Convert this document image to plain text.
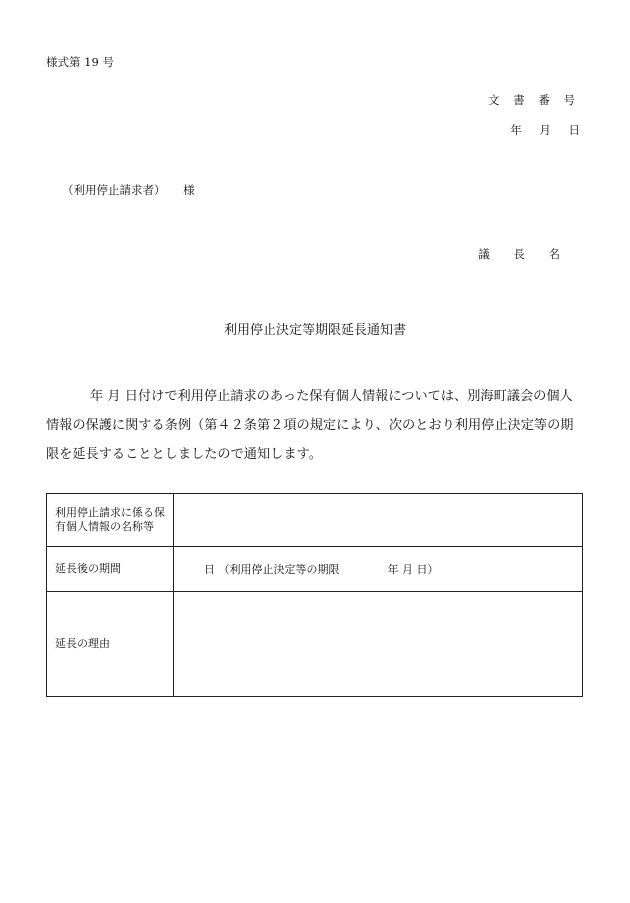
様式第 19 号
文 書 番 号
年 月 日
（利用停止請求者） 様
議 長 名
利用停止決定等期限延長通知書
年 月 日付けで利用停止請求のあった保有個人情報については、別海町議会の個人情報の保護に関する条例（第４２条第２項の規定により、次のとおり利用停止決定等の期限を延長することとしましたので通知します。
利用停止請求に係る保有個人情報の名称等	
延長後の期間	日 （利用停止決定等の期限 年 月 日）
延長の理由	
